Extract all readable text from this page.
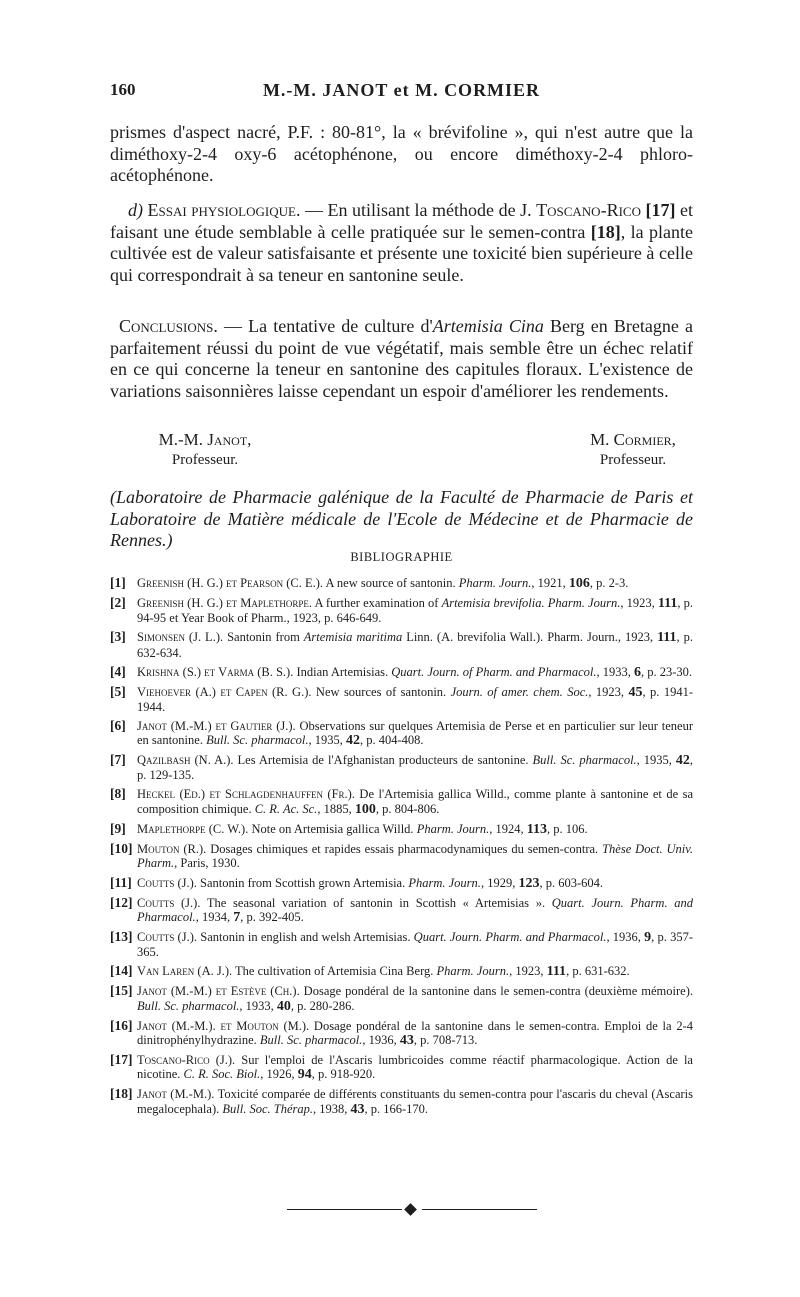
160	M.-M. JANOT et M. CORMIER

prismes d'aspect nacré, P.F. : 80-81°, la « brévifoline », qui n'est autre que la diméthoxy-2-4 oxy-6 acétophénone, ou encore diméthoxy-2-4 phloro-acétophénone.

d) Essai physiologique. — En utilisant la méthode de J. Toscano-Rico [17] et faisant une étude semblable à celle pratiquée sur le semen-contra [18], la plante cultivée est de valeur satisfaisante et présente une toxicité bien supérieure à celle qui correspondrait à sa teneur en santonine seule.

Conclusions. — La tentative de culture d'Artemisia Cina Berg en Bretagne a parfaitement réussi du point de vue végétatif, mais semble être un échec relatif en ce qui concerne la teneur en santonine des capitules floraux. L'existence de variations saisonnières laisse cependant un espoir d'améliorer les rendements.

M.-M. Janot,
Professeur.
M. Cormier,
Professeur.

(Laboratoire de Pharmacie galénique de la Faculté de Pharmacie de Paris et Laboratoire de Matière médicale de l'Ecole de Médecine et de Pharmacie de Rennes.)

BIBLIOGRAPHIE
[1] Greenish (H. G.) et Pearson (C. E.). A new source of santonin. Pharm. Journ., 1921, 106, p. 2-3.
[2] Greenish (H. G.) et Maplethorpe. A further examination of Artemisia brevifolia. Pharm. Journ., 1923, 111, p. 94-95 et Year Book of Pharm., 1923, p. 646-649.
[3] Simonsen (J. L.). Santonin from Artemisia maritima Linn. (A. brevifolia Wall.). Pharm. Journ., 1923, 111, p. 632-634.
[4] Krishna (S.) et Varma (B. S.). Indian Artemisias. Quart. Journ. of Pharm. and Pharmacol., 1933, 6, p. 23-30.
[5] Viehoever (A.) et Capen (R. G.). New sources of santonin. Journ. of amer. chem. Soc., 1923, 45, p. 1941-1944.
[6] Janot (M.-M.) et Gautier (J.). Observations sur quelques Artemisia de Perse et en particulier sur leur teneur en santonine. Bull. Sc. pharmacol., 1935, 42, p. 404-408.
[7] Qazilbash (N. A.). Les Artemisia de l'Afghanistan producteurs de santonine. Bull. Sc. pharmacol., 1935, 42, p. 129-135.
[8] Heckel (Ed.) et Schlagdenhauffen (Fr.). De l'Artemisia gallica Willd., comme plante à santonine et de sa composition chimique. C. R. Ac. Sc., 1885, 100, p. 804-806.
[9] Maplethorpe (C. W.). Note on Artemisia gallica Willd. Pharm. Journ., 1924, 113, p. 106.
[10] Mouton (R.). Dosages chimiques et rapides essais pharmacodynamiques du semen-contra. Thèse Doct. Univ. Pharm., Paris, 1930.
[11] Coutts (J.). Santonin from Scottish grown Artemisia. Pharm. Journ., 1929, 123, p. 603-604.
[12] Coutts (J.). The seasonal variation of santonin in Scottish « Artemisias ». Quart. Journ. Pharm. and Pharmacol., 1934, 7, p. 392-405.
[13] Coutts (J.). Santonin in english and welsh Artemisias. Quart. Journ. Pharm. and Pharmacol., 1936, 9, p. 357-365.
[14] Van Laren (A. J.). The cultivation of Artemisia Cina Berg. Pharm. Journ., 1923, 111, p. 631-632.
[15] Janot (M.-M.) et Estève (Ch.). Dosage pondéral de la santonine dans le semen-contra (deuxième mémoire). Bull. Sc. pharmacol., 1933, 40, p. 280-286.
[16] Janot (M.-M.). et Mouton (M.). Dosage pondéral de la santonine dans le semen-contra. Emploi de la 2-4 dinitrophénylhydrazine. Bull. Sc. pharmacol., 1936, 43, p. 708-713.
[17] Toscano-Rico (J.). Sur l'emploi de l'Ascaris lumbricoides comme réactif pharmacologique. Action de la nicotine. C. R. Soc. Biol., 1926, 94, p. 918-920.
[18] Janot (M.-M.). Toxicité comparée de différents constituants du semen-contra pour l'ascaris du cheval (Ascaris megalocephala). Bull. Soc. Thérap., 1938, 43, p. 166-170.
